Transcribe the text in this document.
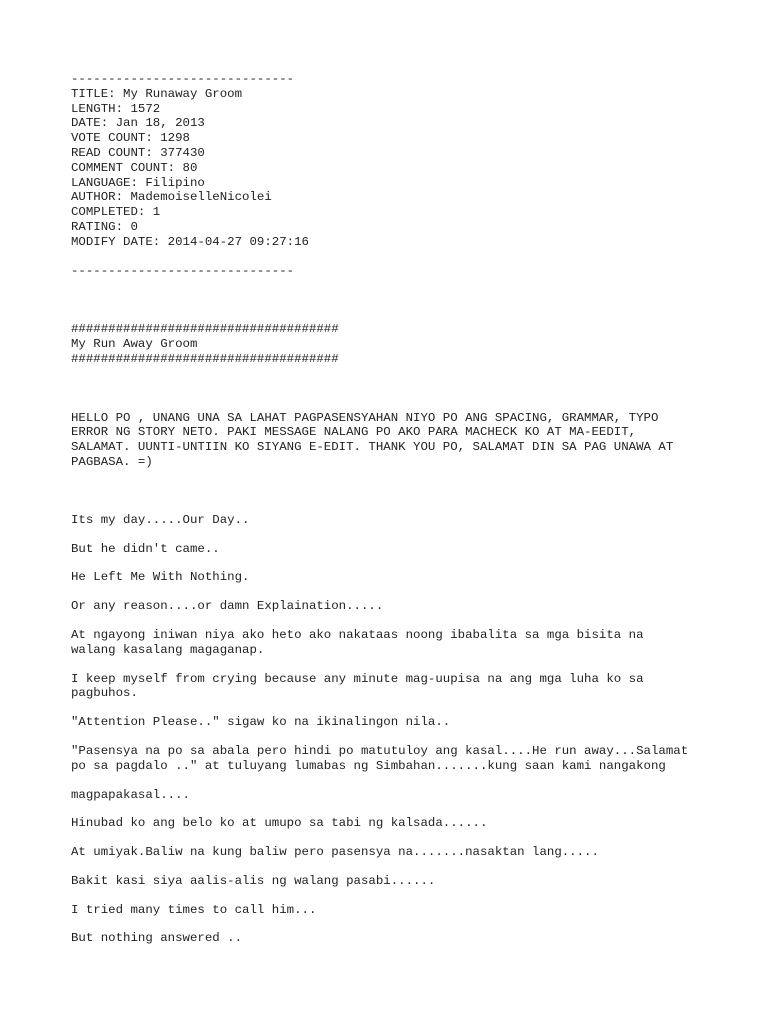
------------------------------
TITLE: My Runaway Groom
LENGTH: 1572
DATE: Jan 18, 2013
VOTE COUNT: 1298
READ COUNT: 377430
COMMENT COUNT: 80
LANGUAGE: Filipino
AUTHOR: MademoiselleNicolei
COMPLETED: 1
RATING: 0
MODIFY DATE: 2014-04-27 09:27:16
------------------------------
####################################
My Run Away Groom
####################################
HELLO PO , UNANG UNA SA LAHAT PAGPASENSYAHAN NIYO PO ANG SPACING, GRAMMAR, TYPO
ERROR NG STORY NETO. PAKI MESSAGE NALANG PO AKO PARA MACHECK KO AT MA-EEDIT,
SALAMAT. UUNTI-UNTIIN KO SIYANG E-EDIT. THANK YOU PO, SALAMAT DIN SA PAG UNAWA AT
PAGBASA. =)
Its my day.....Our Day..
But he didn't came..
He Left Me With Nothing.
Or any reason....or damn Explaination.....
At ngayong iniwan niya ako heto ako nakataas noong ibabalita sa mga bisita na
walang kasalang magaganap.
I keep myself from crying because any minute mag-uupisa na ang mga luha ko sa
pagbuhos.
"Attention Please.." sigaw ko na ikinalingon nila..
"Pasensya na po sa abala pero hindi po matutuloy ang kasal....He run away...Salamat
po sa pagdalo .." at tuluyang lumabas ng Simbahan.......kung saan kami nangakong
magpapakasal....
Hinubad ko ang belo ko at umupo sa tabi ng kalsada......
At umiyak.Baliw na kung baliw pero pasensya na.......nasaktan lang.....
Bakit kasi siya aalis-alis ng walang pasabi......
I tried many times to call him...
But nothing answered ..
